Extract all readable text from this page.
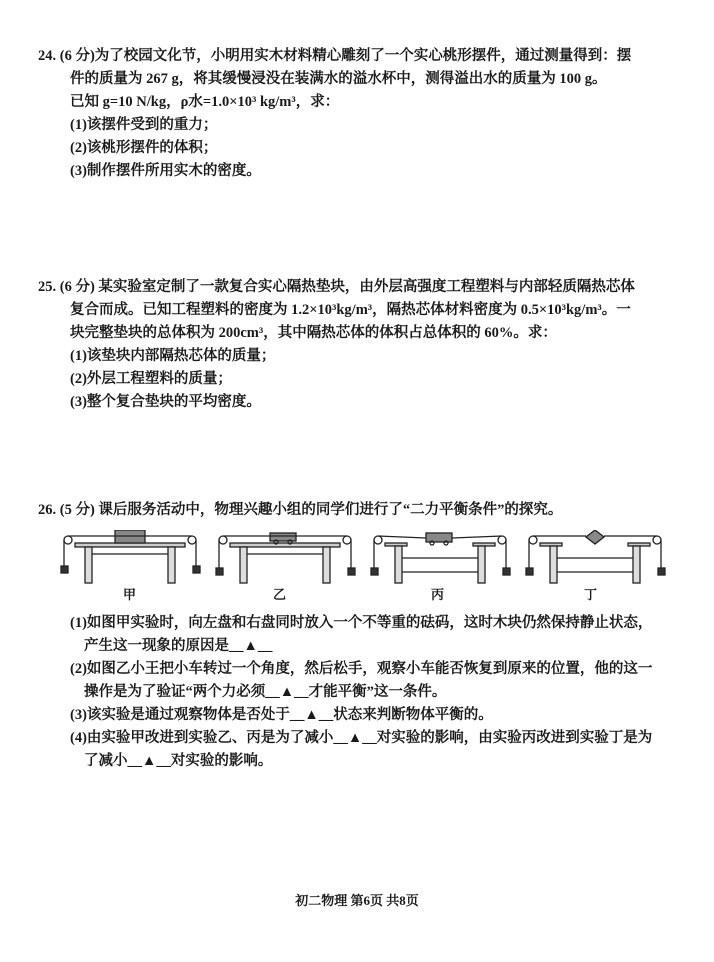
24. (6 分)为了校园文化节，小明用实木材料精心雕刻了一个实心桃形摆件，通过测量得到：摆
件的质量为 267 g，将其缓慢浸没在装满水的溢水杯中，测得溢出水的质量为 100 g。
已知 g=10 N/kg，ρ水=1.0×10³ kg/m³，求：
(1)该摆件受到的重力；
(2)该桃形摆件的体积；
(3)制作摆件所用实木的密度。
25. (6 分) 某实验室定制了一款复合实心隔热垫块，由外层高强度工程塑料与内部轻质隔热芯体
复合而成。已知工程塑料的密度为 1.2×10³kg/m³，隔热芯体材料密度为 0.5×10³kg/m³。一
块完整垫块的总体积为 200cm³，其中隔热芯体的体积占总体积的 60%。求：
(1)该垫块内部隔热芯体的质量；
(2)外层工程塑料的质量；
(3)整个复合垫块的平均密度。
26. (5 分) 课后服务活动中，物理兴趣小组的同学们进行了“二力平衡条件”的探究。
甲	乙	丙	丁
(1)如图甲实验时，向左盘和右盘同时放入一个不等重的砝码，这时木块仍然保持静止状态，
产生这一现象的原因是__▲__
(2)如图乙小王把小车转过一个角度，然后松手，观察小车能否恢复到原来的位置，他的这一
操作是为了验证“两个力必须__▲__才能平衡”这一条件。
(3)该实验是通过观察物体是否处于__▲__状态来判断物体平衡的。
(4)由实验甲改进到实验乙、丙是为了减小__▲__对实验的影响，由实验丙改进到实验丁是为
了减小__▲__对实验的影响。
初二物理 第6页 共8页
